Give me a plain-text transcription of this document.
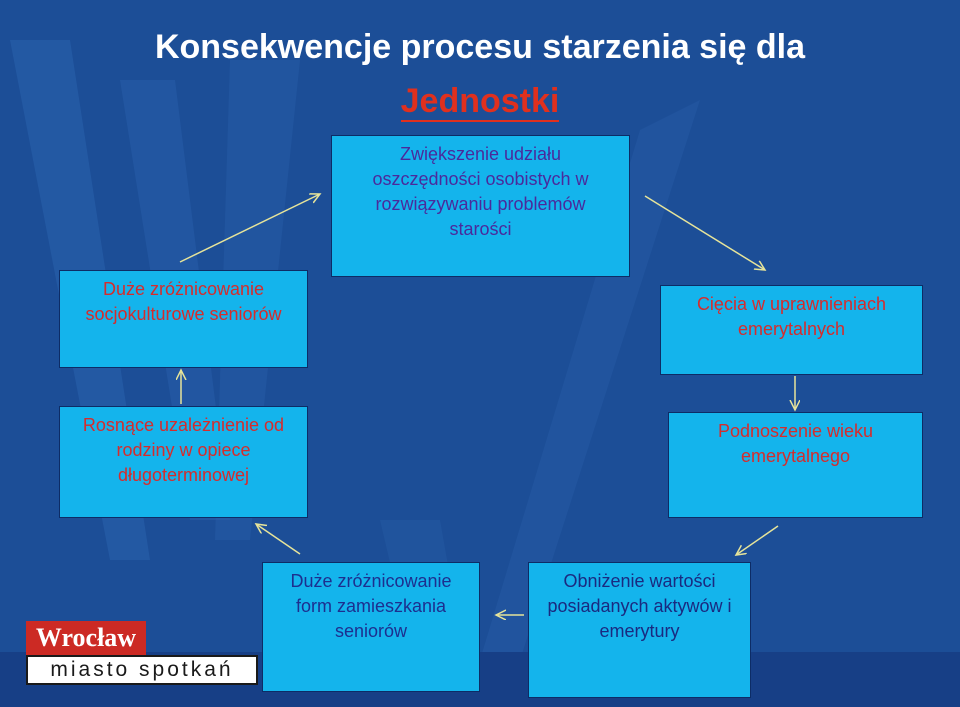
Konsekwencje procesu starzenia się dla
Jednostki
Zwiększenie udziału oszczędności osobistych w rozwiązywaniu problemów starości
Duże zróżnicowanie socjokulturowe seniorów	Cięcia w uprawnieniach emerytalnych
Rosnące uzależnienie od rodziny w opiece długoterminowej
Podnoszenie wieku emerytalnego
Duże zróżnicowanie form zamieszkania seniorów
Obniżenie wartości posiadanych aktywów i emerytury
Wrocław
miasto spotkań
